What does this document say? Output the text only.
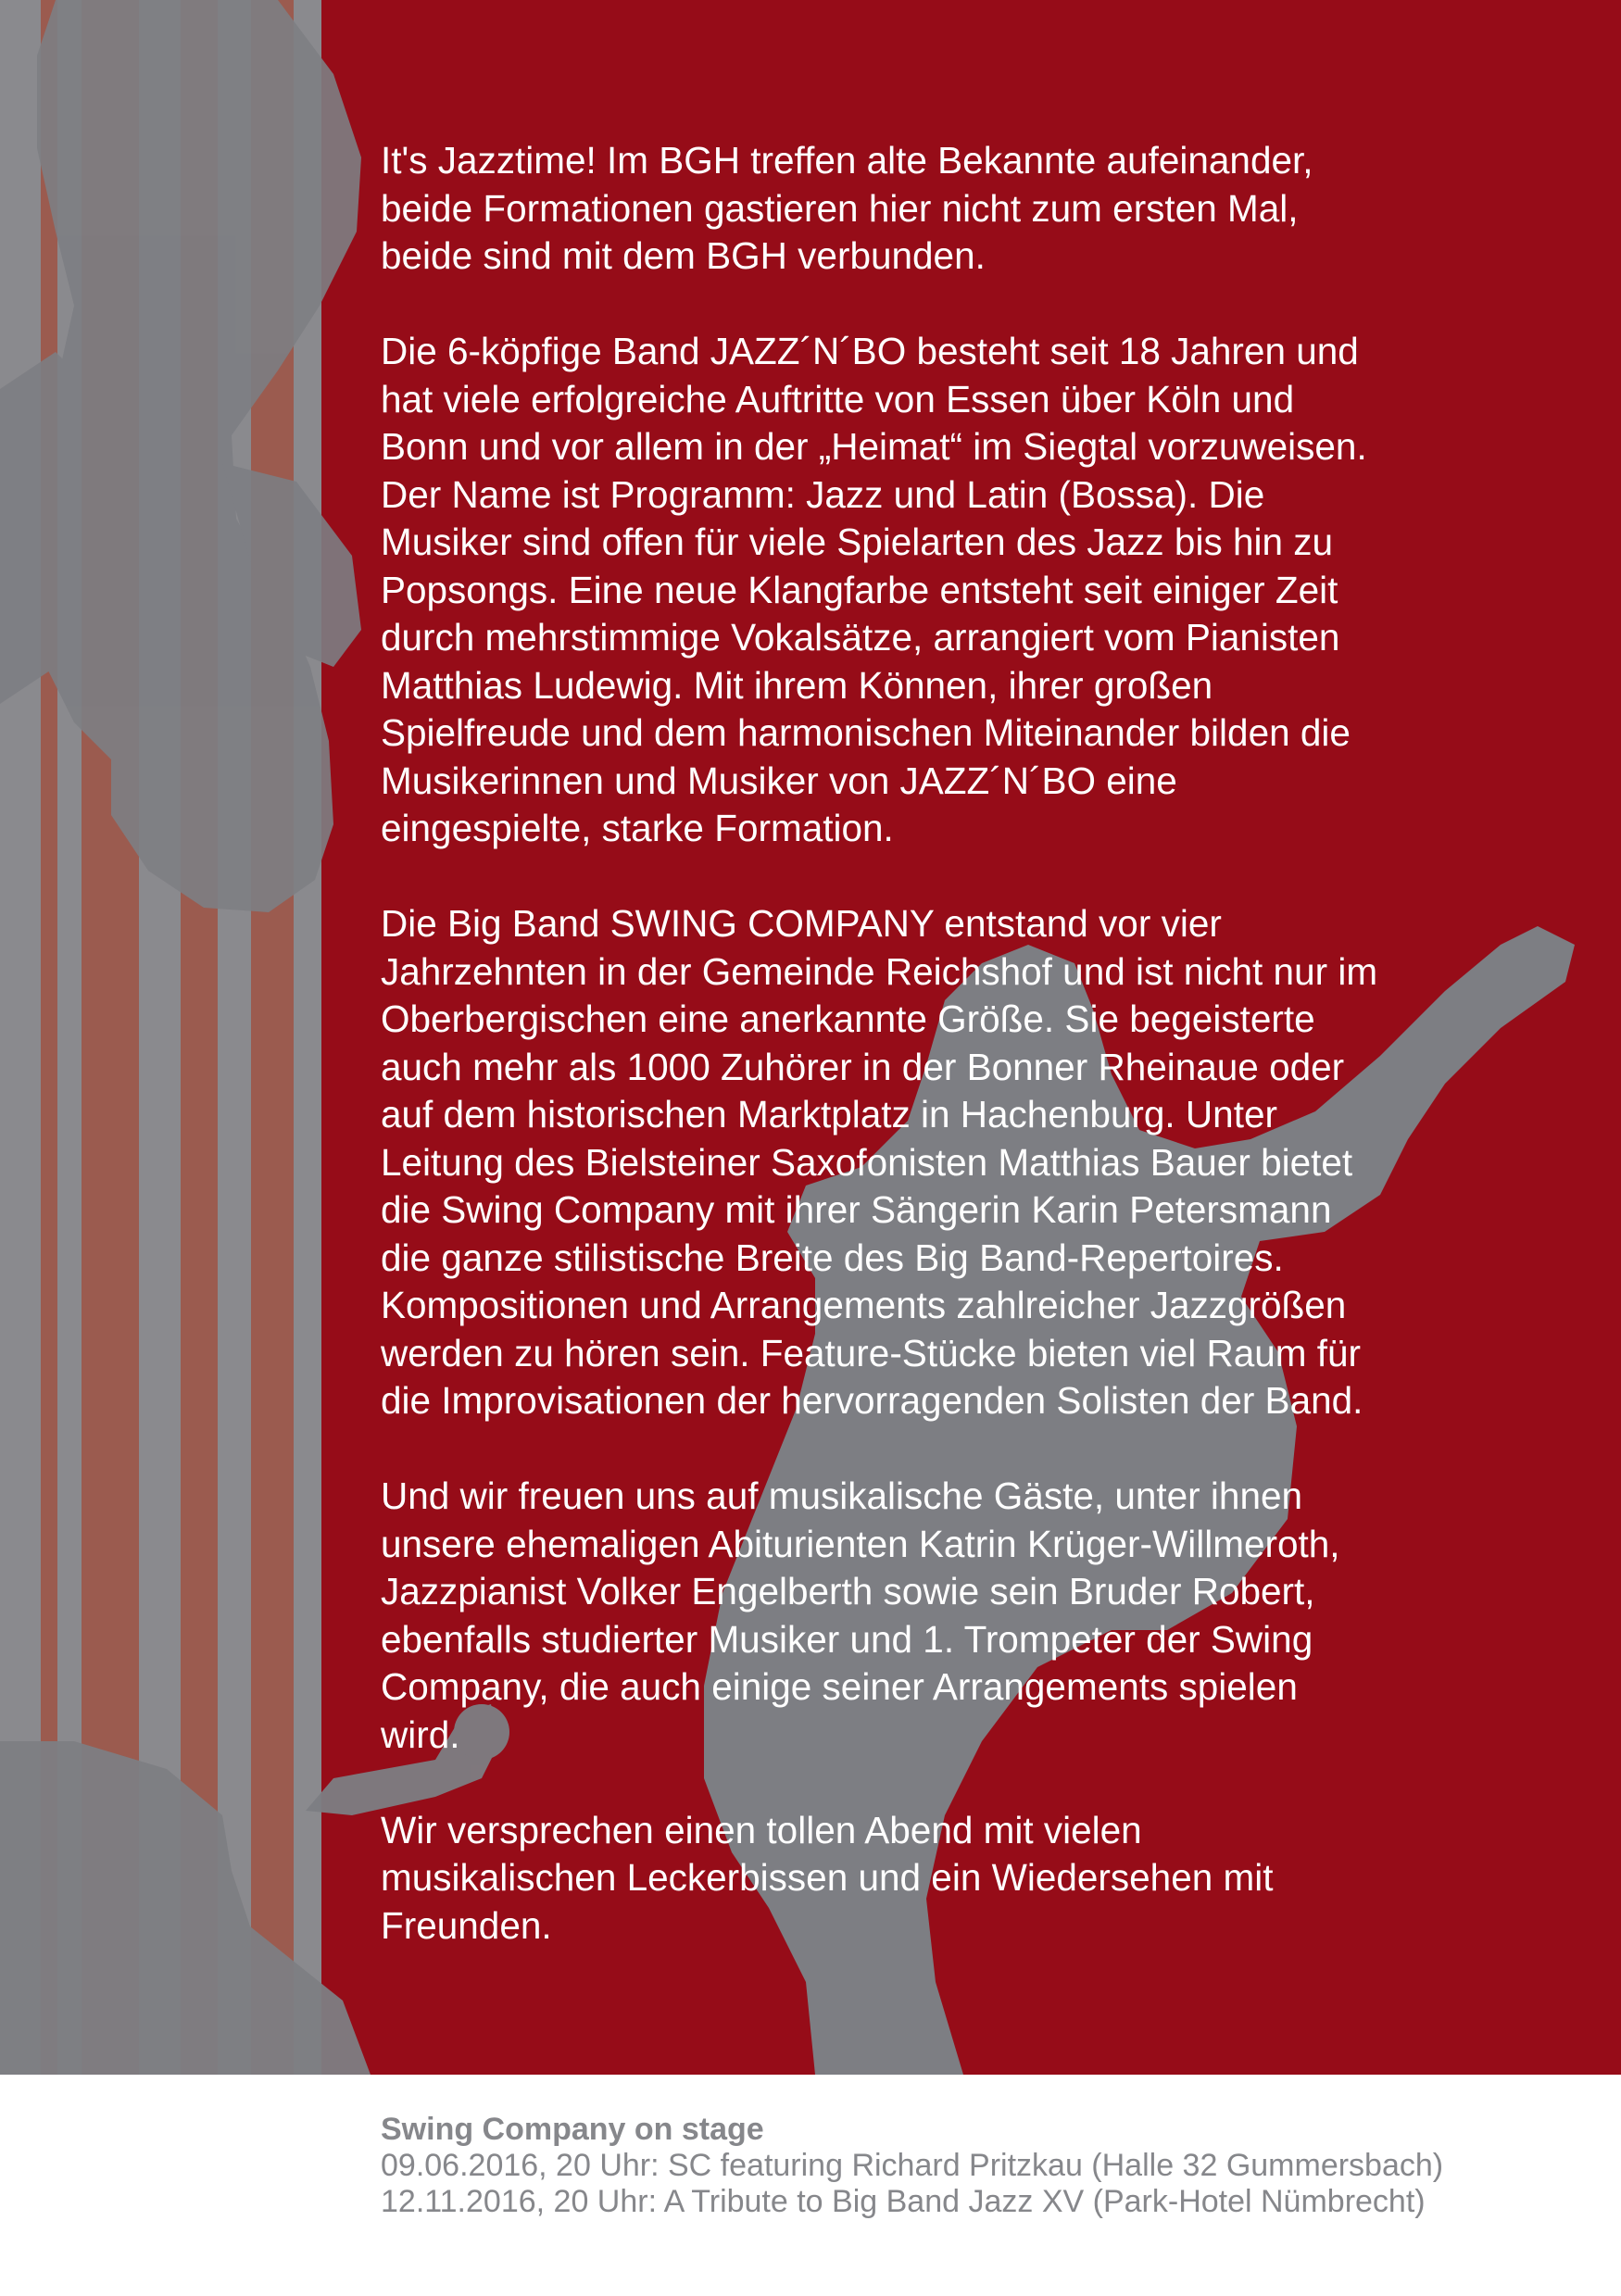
It's Jazztime! Im BGH treffen alte Bekannte aufeinander,
beide Formationen gastieren hier nicht zum ersten Mal,
beide sind mit dem BGH verbunden.

Die 6-köpfige Band JAZZ´N´BO besteht seit 18 Jahren und
hat viele erfolgreiche Auftritte von Essen über Köln und
Bonn und vor allem in der „Heimat“ im Siegtal vorzuweisen.
Der Name ist Programm: Jazz und Latin (Bossa). Die
Musiker sind offen für viele Spielarten des Jazz bis hin zu
Popsongs. Eine neue Klangfarbe entsteht seit einiger Zeit
durch mehrstimmige Vokalsätze, arrangiert vom Pianisten
Matthias Ludewig. Mit ihrem Können, ihrer großen
Spielfreude und dem harmonischen Miteinander bilden die
Musikerinnen und Musiker von JAZZ´N´BO eine
eingespielte, starke Formation.

Die Big Band SWING COMPANY entstand vor vier
Jahrzehnten in der Gemeinde Reichshof und ist nicht nur im
Oberbergischen eine anerkannte Größe. Sie begeisterte
auch mehr als 1000 Zuhörer in der Bonner Rheinaue oder
auf dem historischen Marktplatz in Hachenburg. Unter
Leitung des Bielsteiner Saxofonisten Matthias Bauer bietet
die Swing Company mit ihrer Sängerin Karin Petersmann
die ganze stilistische Breite des Big Band-Repertoires.
Kompositionen und Arrangements zahlreicher Jazzgrößen
werden zu hören sein. Feature-Stücke bieten viel Raum für
die Improvisationen der hervorragenden Solisten der Band.

Und wir freuen uns auf musikalische Gäste, unter ihnen
unsere ehemaligen Abiturienten Katrin Krüger-Willmeroth,
Jazzpianist Volker Engelberth sowie sein Bruder Robert,
ebenfalls studierter Musiker und 1. Trompeter der Swing
Company, die auch einige seiner Arrangements spielen
wird.

Wir versprechen einen tollen Abend mit vielen
musikalischen Leckerbissen und ein Wiedersehen mit
Freunden.

Swing Company on stage
09.06.2016, 20 Uhr: SC featuring Richard Pritzkau (Halle 32 Gummersbach)
12.11.2016, 20 Uhr: A Tribute to Big Band Jazz XV (Park-Hotel Nümbrecht)
